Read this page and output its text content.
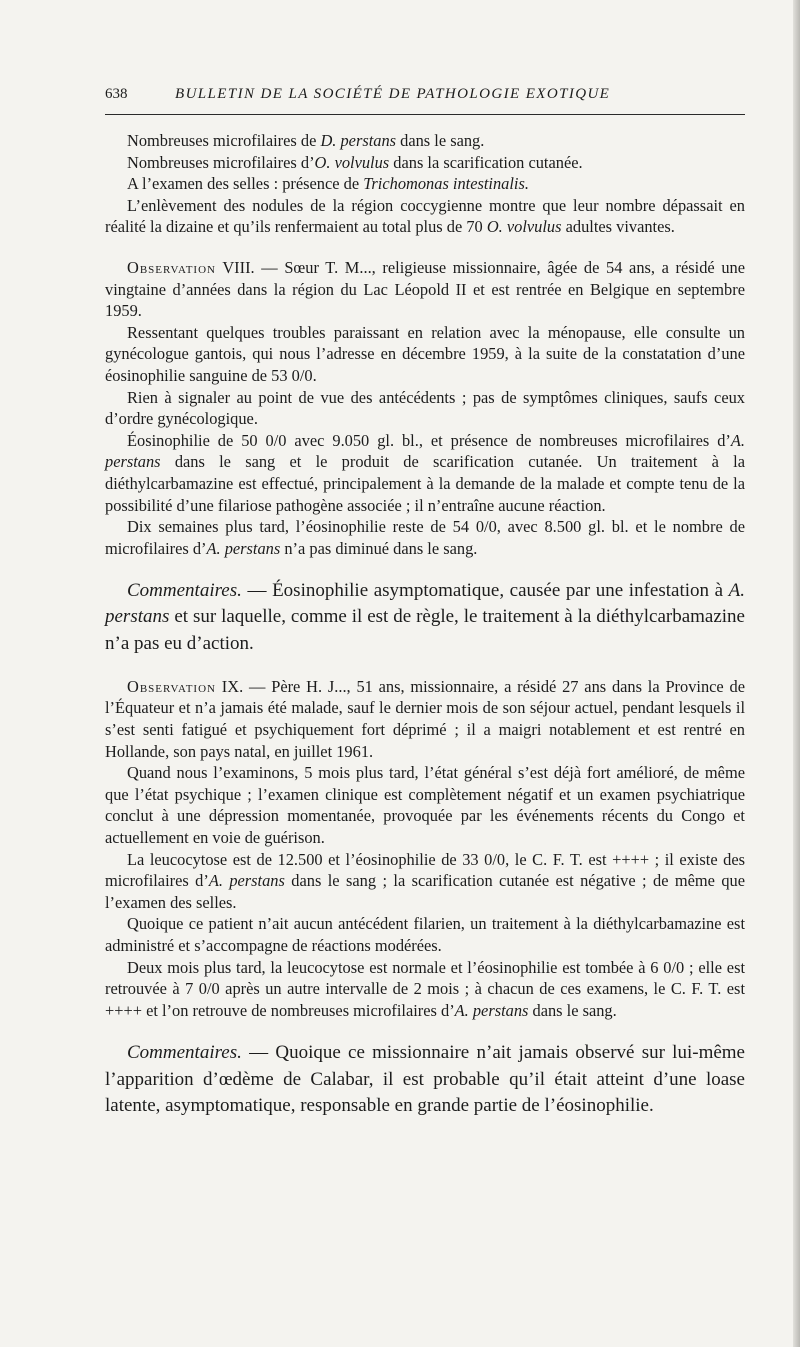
638	BULLETIN DE LA SOCIÉTÉ DE PATHOLOGIE EXOTIQUE

Nombreuses microfilaires de D. perstans dans le sang.

Nombreuses microfilaires d’O. volvulus dans la scarification cutanée.

A l’examen des selles : présence de Trichomonas intestinalis.

L’enlèvement des nodules de la région coccygienne montre que leur nombre dépassait en réalité la dizaine et qu’ils renfermaient au total plus de 70 O. volvulus adultes vivantes.

Observation VIII. — Sœur T. M..., religieuse missionnaire, âgée de 54 ans, a résidé une vingtaine d’années dans la région du Lac Léopold II et est rentrée en Belgique en septembre 1959.

Ressentant quelques troubles paraissant en relation avec la ménopause, elle consulte un gynécologue gantois, qui nous l’adresse en décembre 1959, à la suite de la constatation d’une éosinophilie sanguine de 53 0/0.

Rien à signaler au point de vue des antécédents ; pas de symptômes cliniques, saufs ceux d’ordre gynécologique.

Éosinophilie de 50 0/0 avec 9.050 gl. bl., et présence de nombreuses microfilaires d’A. perstans dans le sang et le produit de scarification cutanée. Un traitement à la diéthylcarbamazine est effectué, principalement à la demande de la malade et compte tenu de la possibilité d’une filariose pathogène associée ; il n’entraîne aucune réaction.

Dix semaines plus tard, l’éosinophilie reste de 54 0/0, avec 8.500 gl. bl. et le nombre de microfilaires d’A. perstans n’a pas diminué dans le sang.

Commentaires. — Éosinophilie asymptomatique, causée par une infestation à A. perstans et sur laquelle, comme il est de règle, le traitement à la diéthylcarbamazine n’a pas eu d’action.

Observation IX. — Père H. J..., 51 ans, missionnaire, a résidé 27 ans dans la Province de l’Équateur et n’a jamais été malade, sauf le dernier mois de son séjour actuel, pendant lesquels il s’est senti fatigué et psychiquement fort déprimé ; il a maigri notablement et est rentré en Hollande, son pays natal, en juillet 1961.

Quand nous l’examinons, 5 mois plus tard, l’état général s’est déjà fort amélioré, de même que l’état psychique ; l’examen clinique est complètement négatif et un examen psychiatrique conclut à une dépression momentanée, provoquée par les événements récents du Congo et actuellement en voie de guérison.

La leucocytose est de 12.500 et l’éosinophilie de 33 0/0, le C. F. T. est ++++ ; il existe des microfilaires d’A. perstans dans le sang ; la scarification cutanée est négative ; de même que l’examen des selles.

Quoique ce patient n’ait aucun antécédent filarien, un traitement à la diéthylcarbamazine est administré et s’accompagne de réactions modérées.

Deux mois plus tard, la leucocytose est normale et l’éosinophilie est tombée à 6 0/0 ; elle est retrouvée à 7 0/0 après un autre intervalle de 2 mois ; à chacun de ces examens, le C. F. T. est ++++ et l’on retrouve de nombreuses microfilaires d’A. perstans dans le sang.

Commentaires. — Quoique ce missionnaire n’ait jamais observé sur lui-même l’apparition d’œdème de Calabar, il est probable qu’il était atteint d’une loase latente, asymptomatique, responsable en grande partie de l’éosinophilie.
